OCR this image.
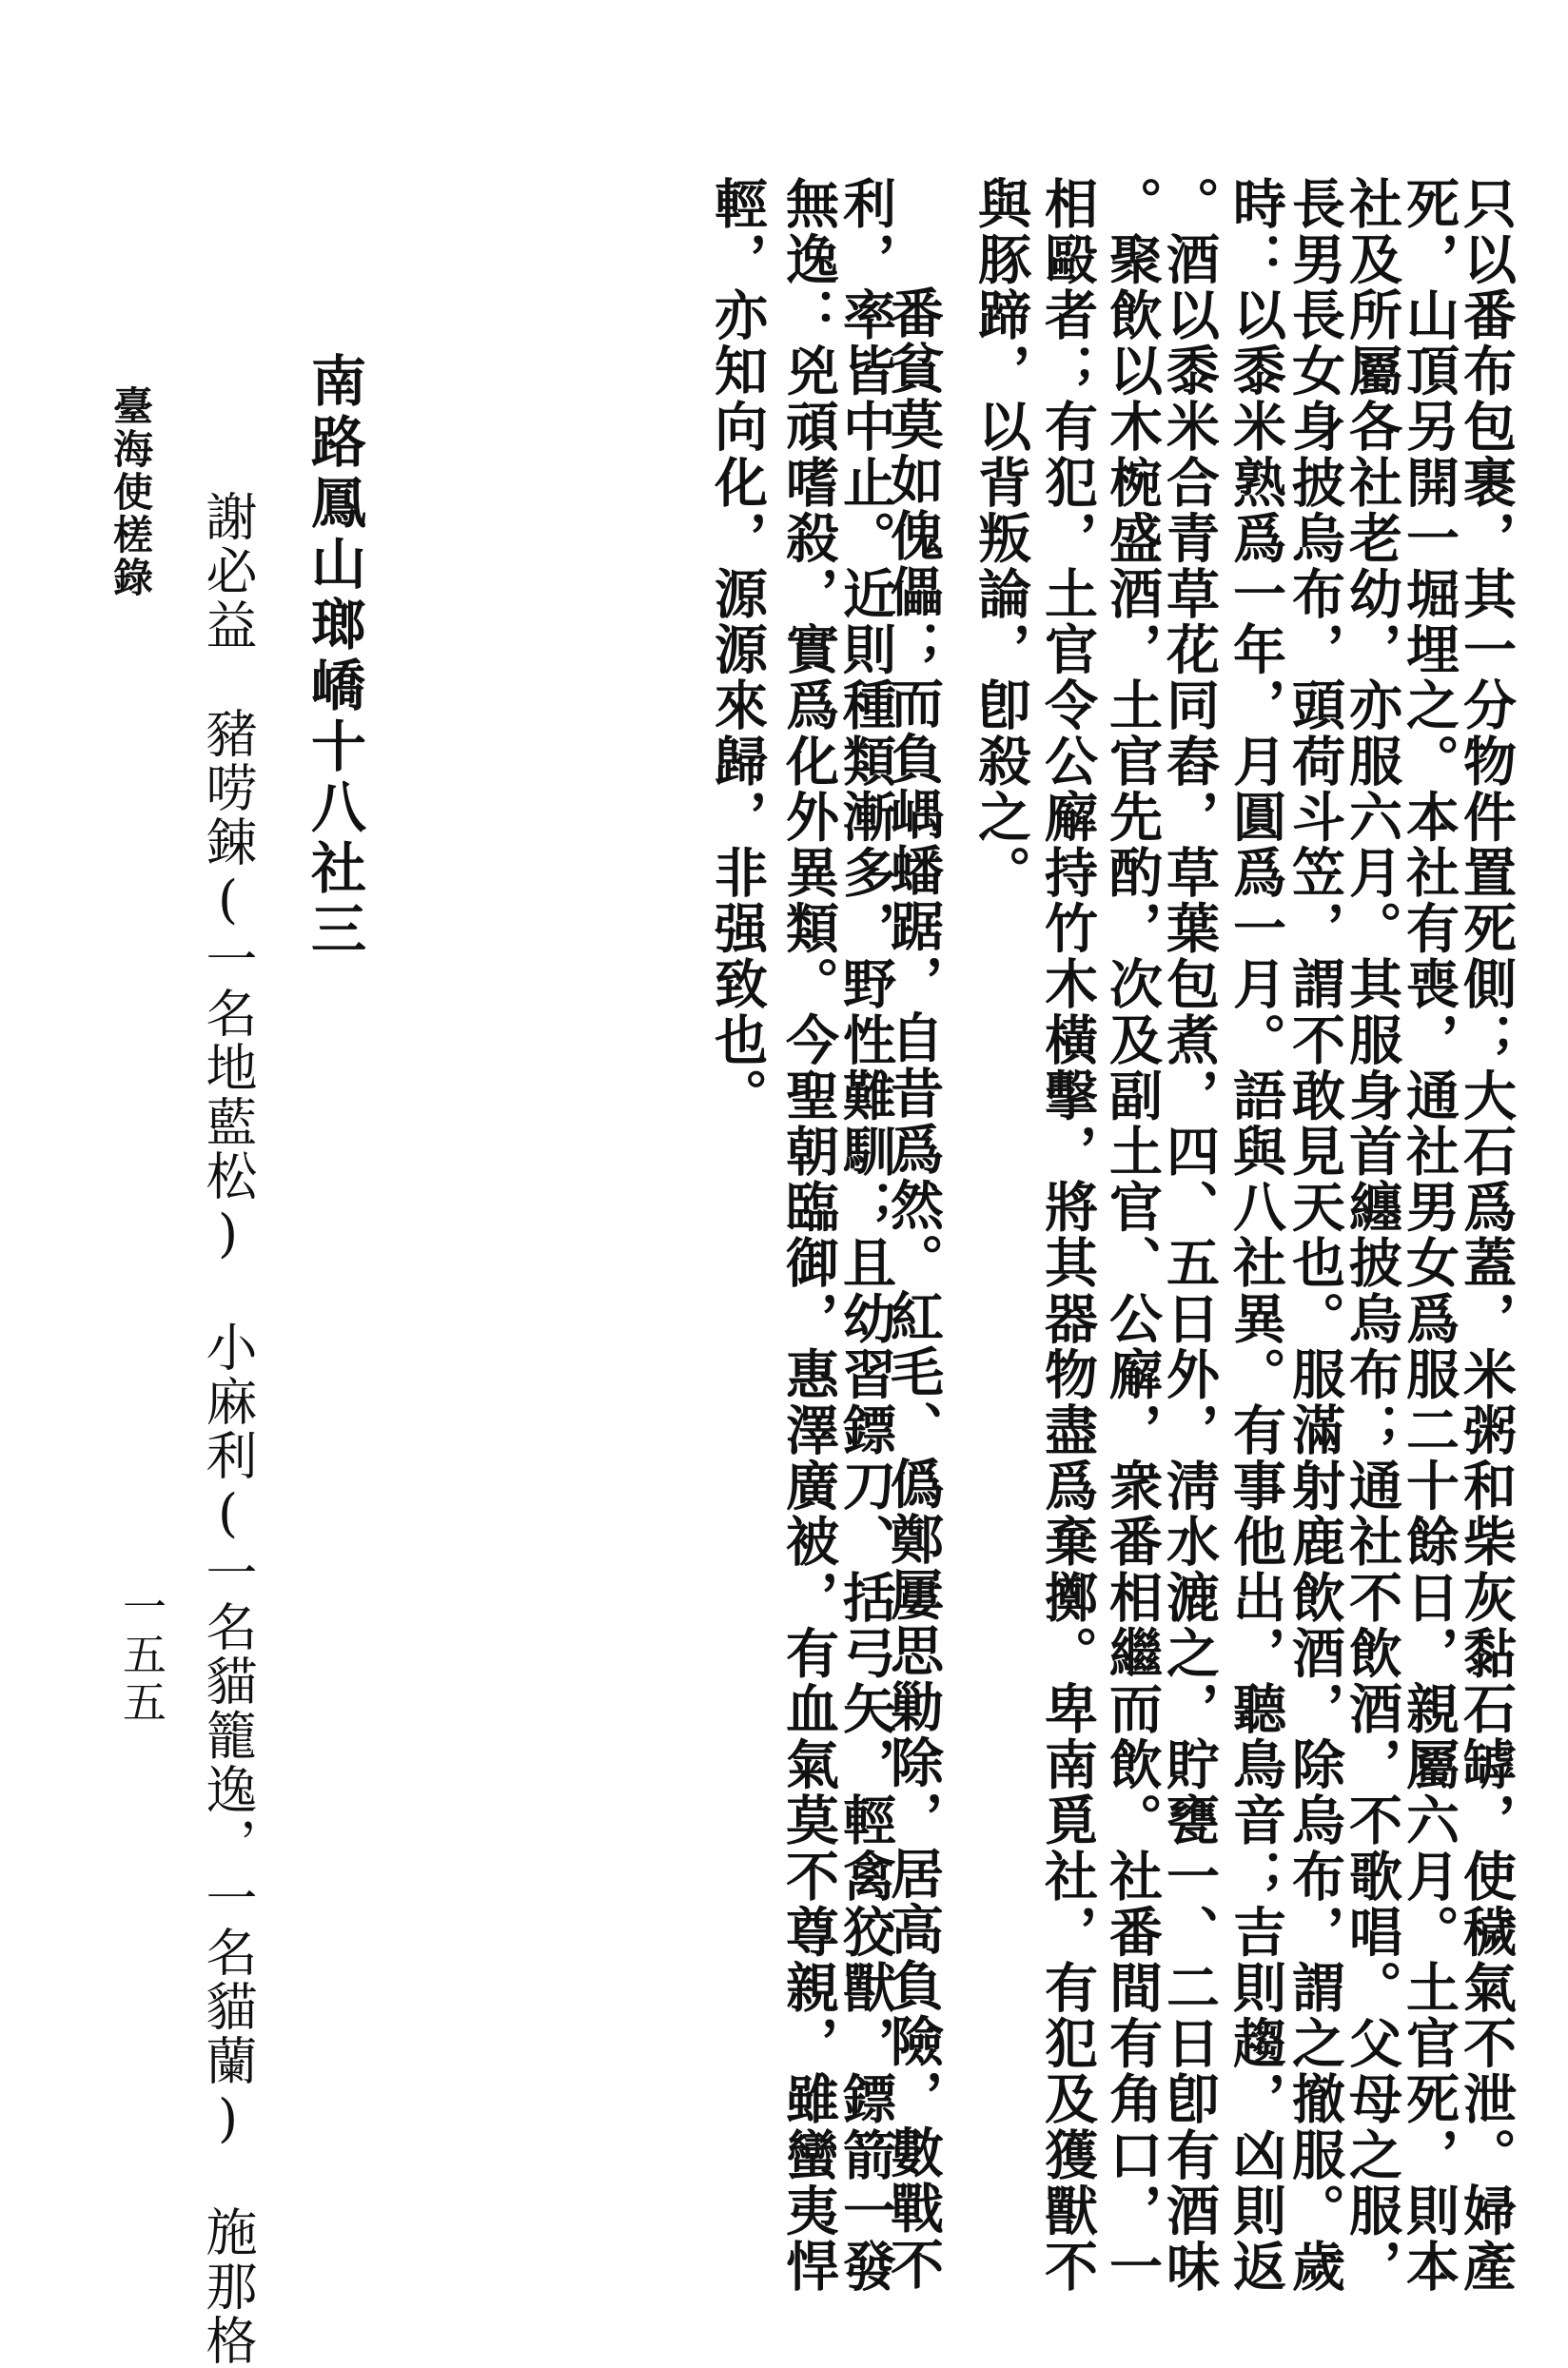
只以番布包裹，其一分物件置死側；大石爲蓋，米粥和柴灰黏石罅，使穢氣不泄。婦產
死，山頂另開一堀埋之。本社有喪，通社男女爲服二十餘日，親屬六月。土官死，則本
社及所屬各社老幼，亦服六月。其服身首纏披烏布；通社不飲酒，不歌唱。父母之服，
長男長女身披烏布，頭荷斗笠，謂不敢見天也。服滿射鹿飲酒，除烏布，謂之撤服。歲
時：以黍米熟爲一年，月圓爲一月。語與八社異。有事他出，聽鳥音；吉則趨，凶則返
。酒以黍米合青草花同舂，草葉包煮，四、五日外，淸水漉之，貯甕一、二日卽有酒味
。聚飲以木椀盛酒，土官先酌，次及副土官、公廨，衆番相繼而飲。社番間有角口，一
相毆者；有犯，土官令公廨持竹木橫擊，將其器物盡爲棄擲。卑南覓社，有犯及獲獸不
與豚蹄，以背叛論，卽殺之。
番貧莫如傀儡；而負嵎蟠踞，自昔爲然。紅毛、僞鄭屢思勦除，居高負險，數戰不
利，率皆中止。近則種類漸多，野性難馴；且幼習鏢刀、括弓矢，輕禽狡獸，鏢箭一發
無逸：兇頑嗜殺，實爲化外異類。今聖朝臨御，惠澤廣被，有血氣莫不尊親，雖蠻夷悍
輕，亦知向化，源源來歸，非强致也。
南路鳳山瑯嶠十八社三
謝必益　豬唠鋉(一名地藍松)　小麻利(一名貓籠逸，一名貓蘭)　施那格
臺海使槎錄
一五五
